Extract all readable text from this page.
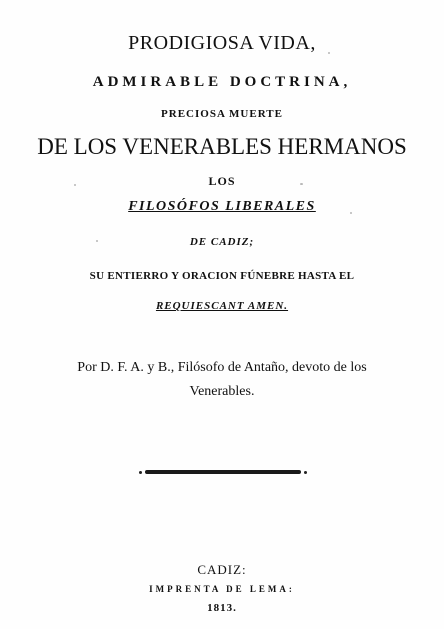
PRODIGIOSA VIDA,
ADMIRABLE DOCTRINA,
PRECIOSA MUERTE
DE LOS VENERABLES HERMANOS
LOS
FILOSÓFOS LIBERALES
DE CADIZ;
SU ENTIERRO Y ORACION FÚNEBRE HASTA EL
REQUIESCANT AMEN.
Por D. F. A. y B., Filósofo de Antaño, devoto de los
Venerables.
CADIZ:
IMPRENTA DE LEMA:
1813.
